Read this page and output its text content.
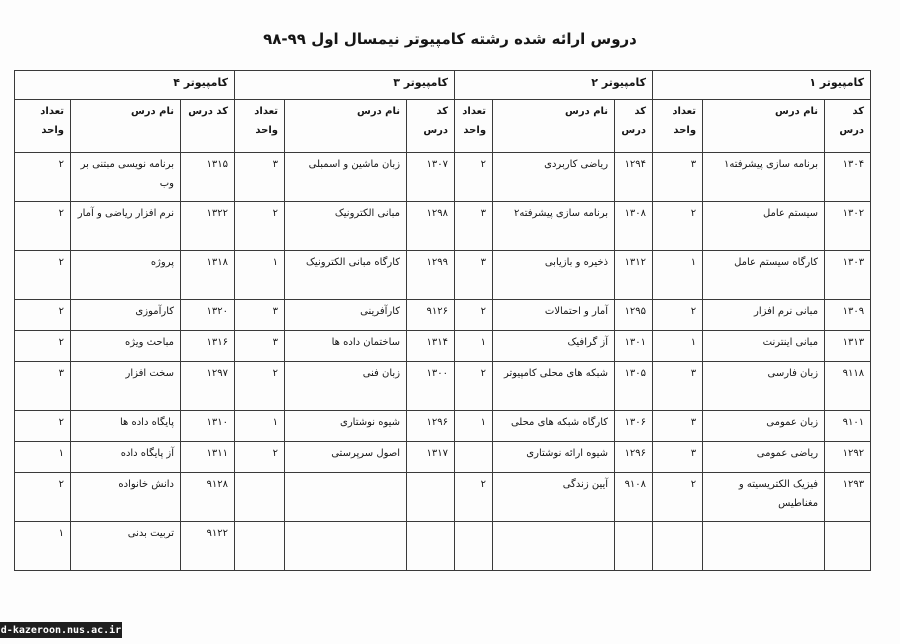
دروس ارائه شده رشته کامپیوتر نیمسال اول ۹۹-۹۸
کامپیوتر ۱			کامپیوتر ۲			کامپیوتر ۳			کامپیوتر ۴		
کد درس	نام درس	تعداد واحد	کد درس	نام درس	تعداد واحد	کد درس	نام درس	تعداد واحد	کد درس	نام درس	تعداد واحد
۱۳۰۴	برنامه سازی پیشرفته۱	۳	۱۲۹۴	ریاضی کاربردی	۲	۱۳۰۷	زبان ماشین و اسمبلی	۳	۱۳۱۵	برنامه نویسی مبتنی بر وب	۲
۱۳۰۲	سیستم عامل	۲	۱۳۰۸	برنامه سازی پیشرفته۲	۳	۱۲۹۸	مبانی الکترونیک	۲	۱۳۲۲	نرم افزار ریاضی و آمار	۲
۱۳۰۳	کارگاه سیستم عامل	۱	۱۳۱۲	ذخیره و بازیابی	۳	۱۲۹۹	کارگاه مبانی الکترونیک	۱	۱۳۱۸	پروژه	۲
۱۳۰۹	مبانی نرم افزار	۲	۱۲۹۵	آمار و احتمالات	۲	۹۱۲۶	کارآفرینی	۳	۱۳۲۰	کارآموزی	۲
۱۳۱۳	مبانی اینترنت	۱	۱۳۰۱	آز گرافیک	۱	۱۳۱۴	ساختمان داده ها	۳	۱۳۱۶	مباحث ویژه	۲
۹۱۱۸	زبان فارسی	۳	۱۳۰۵	شبکه های محلی کامپیوتر	۲	۱۳۰۰	زبان فنی	۲	۱۲۹۷	سخت افزار	۳
۹۱۰۱	زبان عمومی	۳	۱۳۰۶	کارگاه شبکه های محلی	۱	۱۲۹۶	شیوه نوشتاری	۱	۱۳۱۰	پایگاه داده ها	۲
۱۲۹۲	ریاضی عمومی	۳	۱۲۹۶	شیوه ارائه نوشتاری		۱۳۱۷	اصول سرپرستی	۲	۱۳۱۱	آز پایگاه داده	۱
۱۲۹۳	فیزیک الکتریسیته و مغناطیس	۲	۹۱۰۸	آیین زندگی	۲				۹۱۲۸	دانش خانواده	۲
									۹۱۲۲	تربیت بدنی	۱
d-kazeroon.nus.ac.ir
